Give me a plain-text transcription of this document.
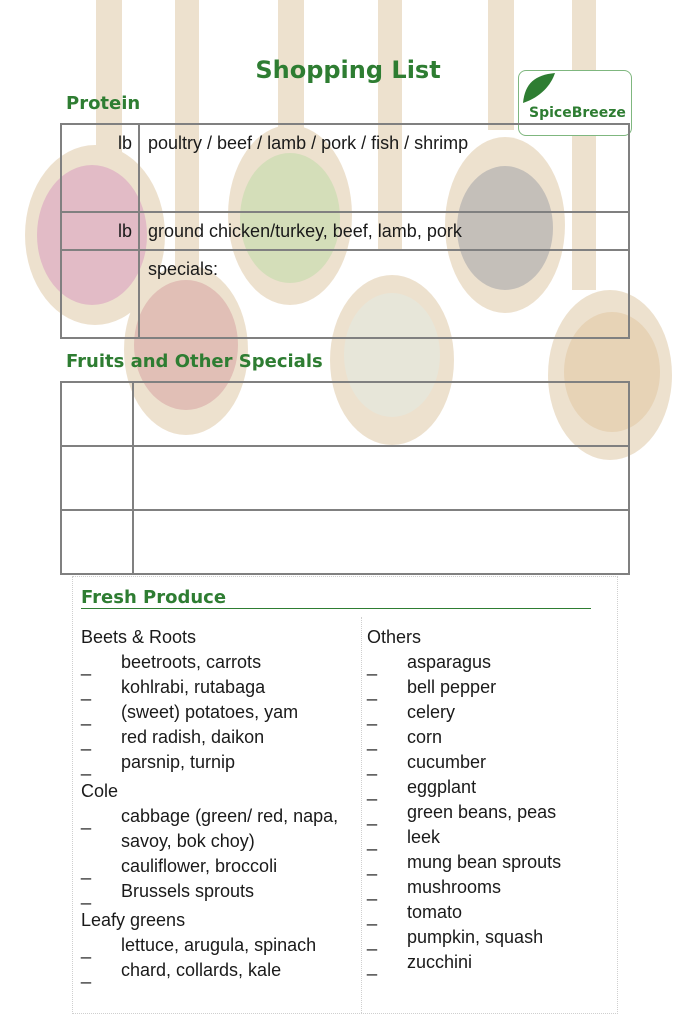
Shopping List
SpiceBreeze
Protein
lb	poultry / beef / lamb / pork / fish / shrimp
lb	ground chicken/turkey, beef, lamb, pork
	specials:
Fruits and Other Specials

Fresh Produce
Beets & Roots
_ beetroots, carrots
_ kohlrabi, rutabaga
_ (sweet) potatoes, yam
_ red radish, daikon
_ parsnip, turnip
Cole
_ cabbage (green/ red, napa, savoy, bok choy)
_ cauliflower, broccoli
_ Brussels sprouts
Leafy greens
_ lettuce, arugula, spinach
_ chard, collards, kale
Others
_ asparagus
_ bell pepper
_ celery
_ corn
_ cucumber
_ eggplant
_ green beans, peas
_ leek
_ mung bean sprouts
_ mushrooms
_ tomato
_ pumpkin, squash
_ zucchini
